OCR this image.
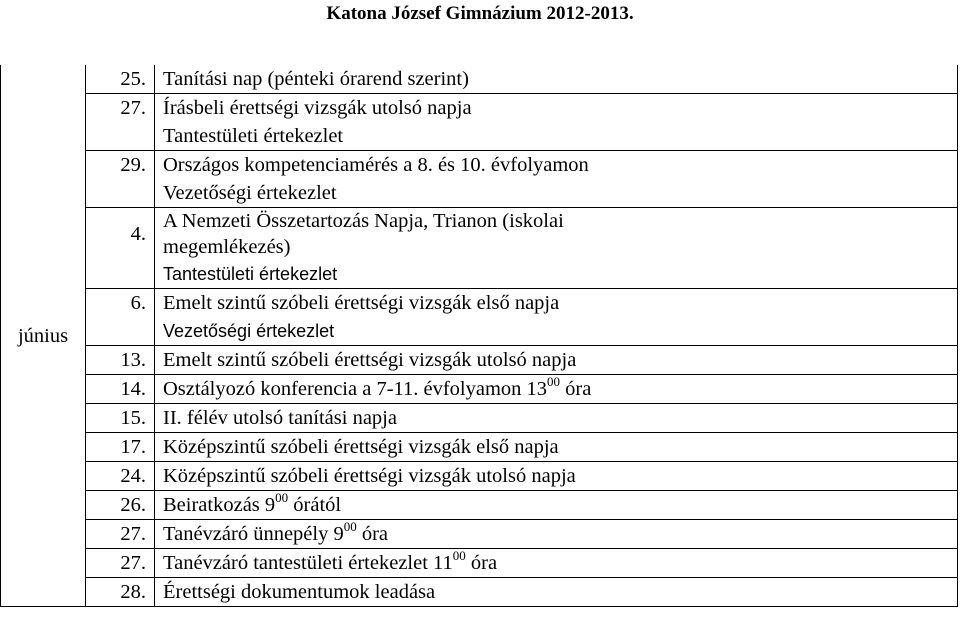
Katona József Gimnázium 2012-2013.
június	25.	Tanítási nap (pénteki órarend szerint)
	27.	Írásbeli érettségi vizsgák utolsó napja
		Tantestületi értekezlet
	29.	Országos kompetenciamérés a 8. és 10. évfolyamon
		Vezetőségi értekezlet
	4.	A Nemzeti Összetartozás Napja, Trianon (iskolai
megemlékezés)

		Tantestületi értekezlet
	6.	Emelt szintű szóbeli érettségi vizsgák első napja
		Vezetőségi értekezlet
	13.	Emelt szintű szóbeli érettségi vizsgák utolsó napja
	14.	Osztályozó konferencia a 7-11. évfolyamon $13^{00}$ óra
	15.	II. félév utolsó tanítási napja
	17.	Középszintű szóbeli érettségi vizsgák első napja
	24.	Középszintű szóbeli érettségi vizsgák utolsó napja
	26.	Beiratkozás $9^{00}$ órától
	27.	Tanévzáró ünnepély $9^{00}$ óra
	27.	Tanévzáró tantestületi értekezlet $11^{00}$ óra
	28.	Érettségi dokumentumok leadása
